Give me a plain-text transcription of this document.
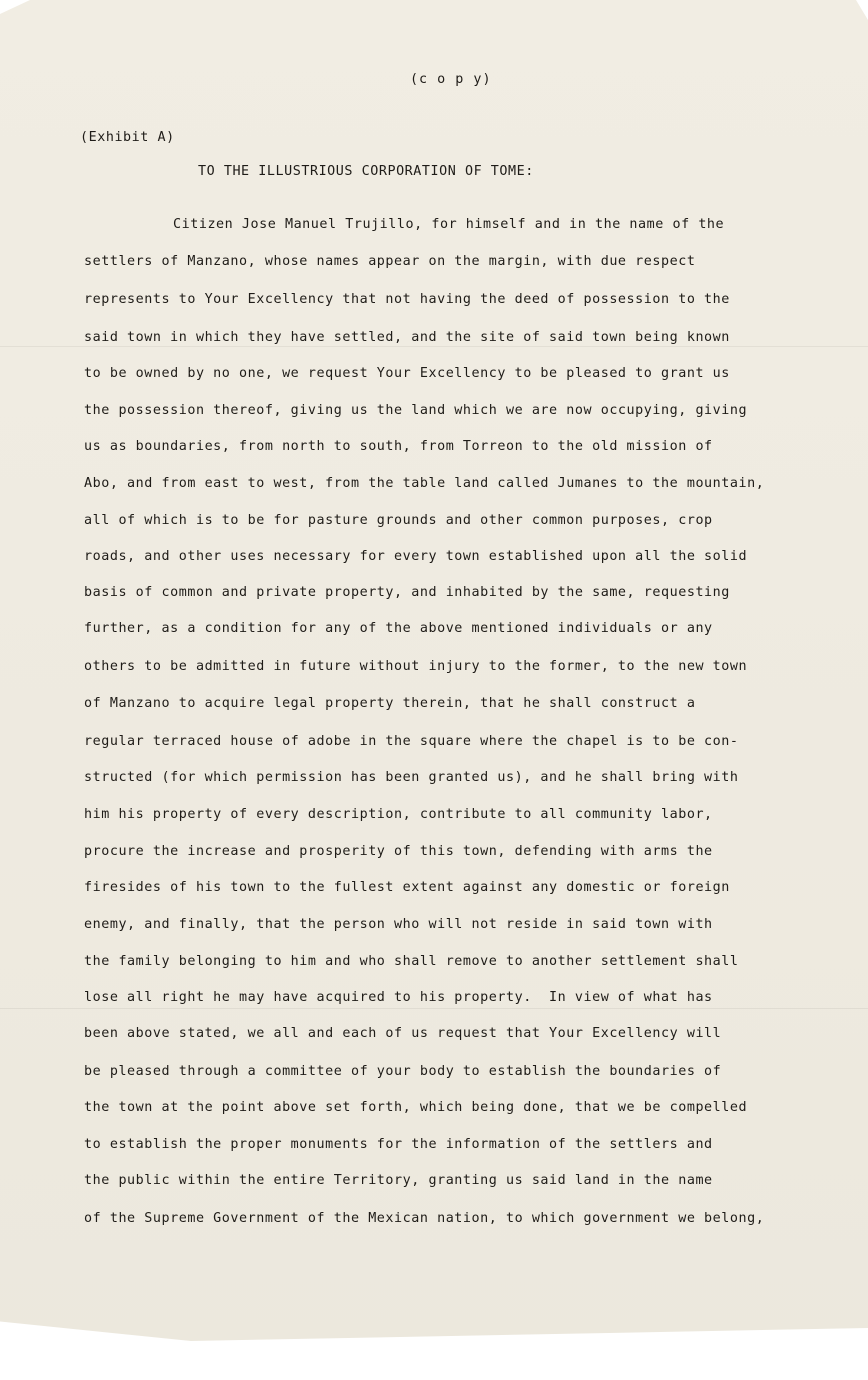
(c o p y)

(Exhibit A)

TO THE ILLUSTRIOUS CORPORATION OF TOME:

Citizen Jose Manuel Trujillo, for himself and in the name of the

settlers of Manzano, whose names appear on the margin, with due respect

represents to Your Excellency that not having the deed of possession to the

said town in which they have settled, and the site of said town being known

to be owned by no one, we request Your Excellency to be pleased to grant us

the possession thereof, giving us the land which we are now occupying, giving

us as boundaries, from north to south, from Torreon to the old mission of

Abo, and from east to west, from the table land called Jumanes to the mountain,

all of which is to be for pasture grounds and other common purposes, crop

roads, and other uses necessary for every town established upon all the solid

basis of common and private property, and inhabited by the same, requesting

further, as a condition for any of the above mentioned individuals or any

others to be admitted in future without injury to the former, to the new town

of Manzano to acquire legal property therein, that he shall construct a

regular terraced house of adobe in the square where the chapel is to be con-

structed (for which permission has been granted us), and he shall bring with

him his property of every description, contribute to all community labor,

procure the increase and prosperity of this town, defending with arms the

firesides of his town to the fullest extent against any domestic or foreign

enemy, and finally, that the person who will not reside in said town with

the family belonging to him and who shall remove to another settlement shall

lose all right he may have acquired to his property.  In view of what has

been above stated, we all and each of us request that Your Excellency will

be pleased through a committee of your body to establish the boundaries of

the town at the point above set forth, which being done, that we be compelled

to establish the proper monuments for the information of the settlers and

the public within the entire Territory, granting us said land in the name

of the Supreme Government of the Mexican nation, to which government we belong,
